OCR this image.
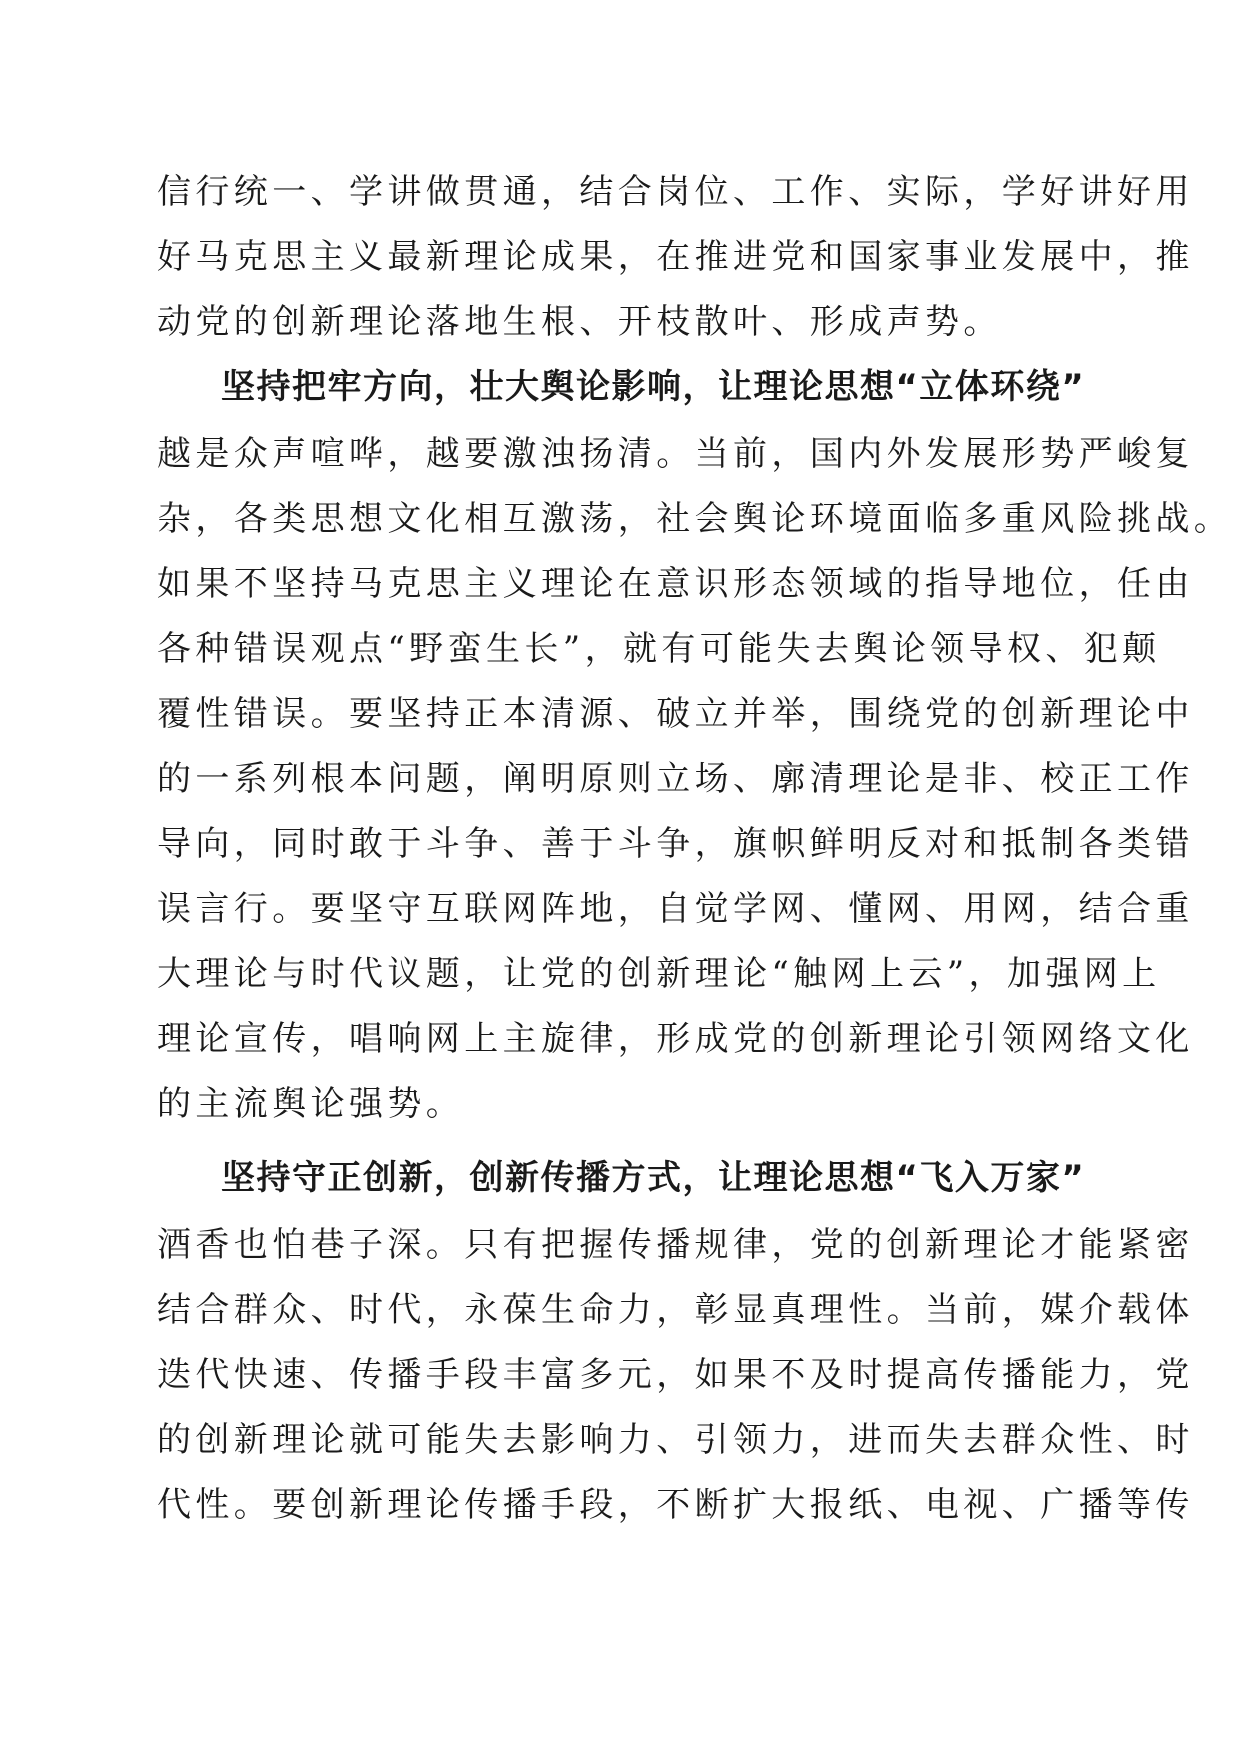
信行统一、学讲做贯通，结合岗位、工作、实际，学好讲好用
好马克思主义最新理论成果，在推进党和国家事业发展中，推
动党的创新理论落地生根、开枝散叶、形成声势。
坚持把牢方向，壮大舆论影响，让理论思想“立体环绕”
越是众声喧哗，越要激浊扬清。当前，国内外发展形势严峻复
杂，各类思想文化相互激荡，社会舆论环境面临多重风险挑战。
如果不坚持马克思主义理论在意识形态领域的指导地位，任由
各种错误观点“野蛮生长”，就有可能失去舆论领导权、犯颠
覆性错误。要坚持正本清源、破立并举，围绕党的创新理论中
的一系列根本问题，阐明原则立场、廓清理论是非、校正工作
导向，同时敢于斗争、善于斗争，旗帜鲜明反对和抵制各类错
误言行。要坚守互联网阵地，自觉学网、懂网、用网，结合重
大理论与时代议题，让党的创新理论“触网上云”，加强网上
理论宣传，唱响网上主旋律，形成党的创新理论引领网络文化
的主流舆论强势。
坚持守正创新，创新传播方式，让理论思想“飞入万家”
酒香也怕巷子深。只有把握传播规律，党的创新理论才能紧密
结合群众、时代，永葆生命力，彰显真理性。当前，媒介载体
迭代快速、传播手段丰富多元，如果不及时提高传播能力，党
的创新理论就可能失去影响力、引领力，进而失去群众性、时
代性。要创新理论传播手段，不断扩大报纸、电视、广播等传
